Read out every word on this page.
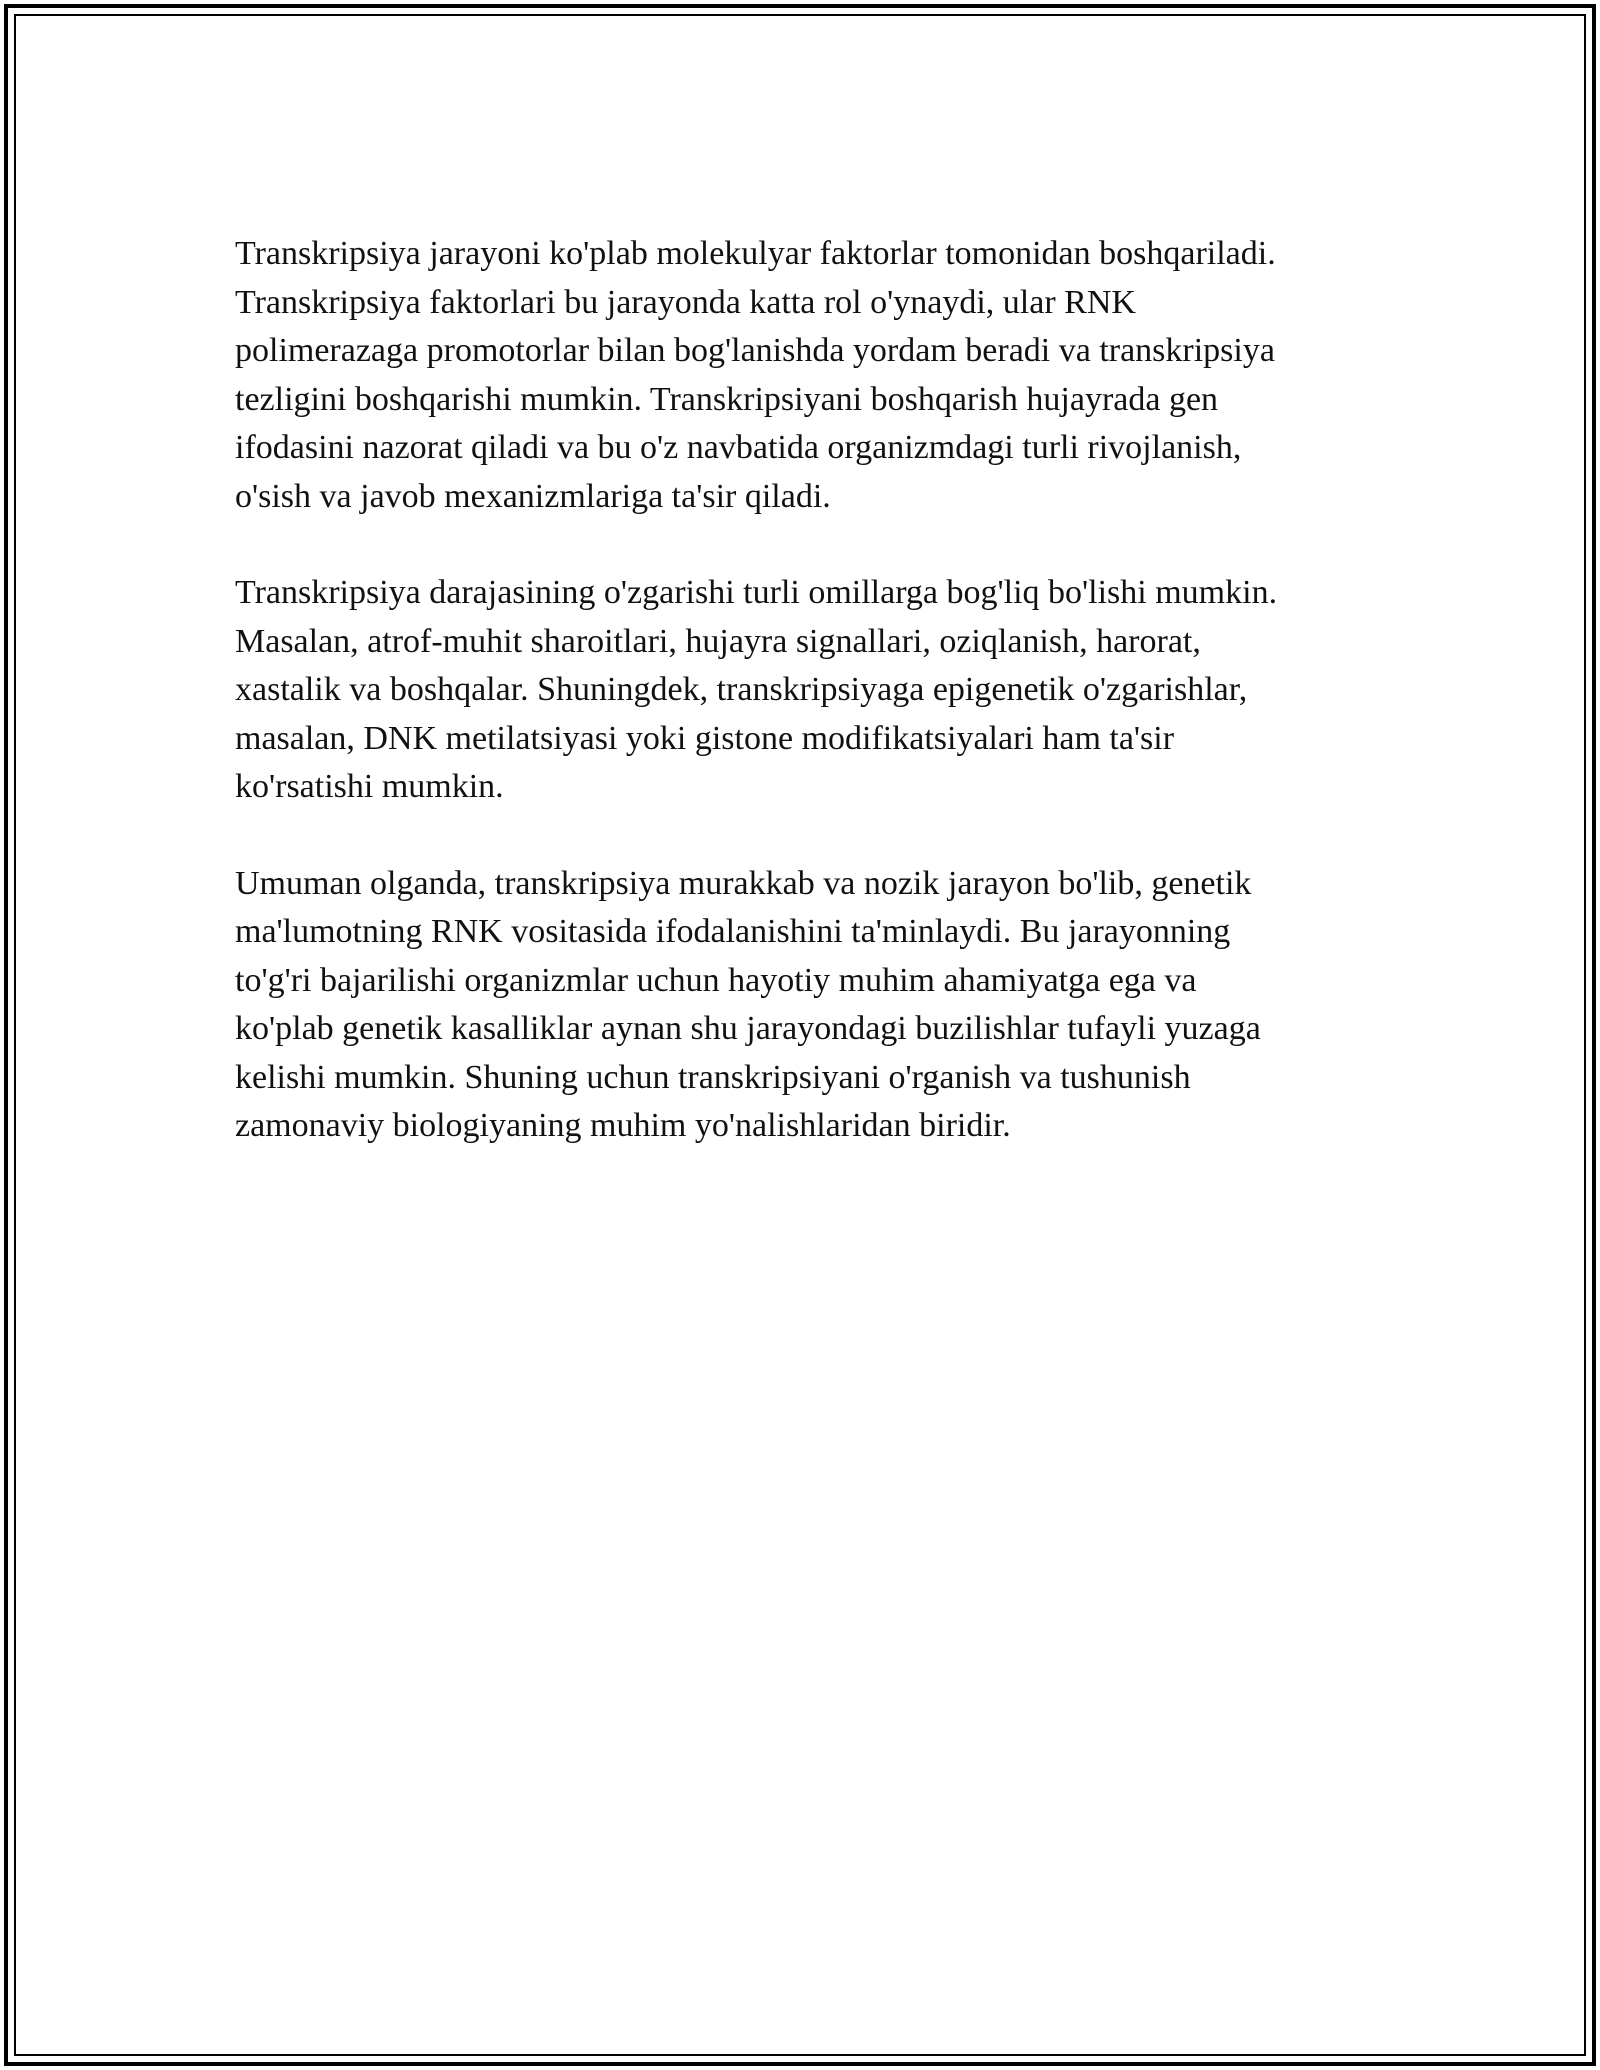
Transkripsiya jarayoni ko'plab molekulyar faktorlar tomonidan boshqariladi.
Transkripsiya faktorlari bu jarayonda katta rol o'ynaydi, ular RNK
polimerazaga promotorlar bilan bog'lanishda yordam beradi va transkripsiya
tezligini boshqarishi mumkin. Transkripsiyani boshqarish hujayrada gen
ifodasini nazorat qiladi va bu o'z navbatida organizmdagi turli rivojlanish,
o'sish va javob mexanizmlariga ta'sir qiladi.

Transkripsiya darajasining o'zgarishi turli omillarga bog'liq bo'lishi mumkin.
Masalan, atrof-muhit sharoitlari, hujayra signallari, oziqlanish, harorat,
xastalik va boshqalar. Shuningdek, transkripsiyaga epigenetik o'zgarishlar,
masalan, DNK metilatsiyasi yoki gistone modifikatsiyalari ham ta'sir
ko'rsatishi mumkin.

Umuman olganda, transkripsiya murakkab va nozik jarayon bo'lib, genetik
ma'lumotning RNK vositasida ifodalanishini ta'minlaydi. Bu jarayonning
to'g'ri bajarilishi organizmlar uchun hayotiy muhim ahamiyatga ega va
ko'plab genetik kasalliklar aynan shu jarayondagi buzilishlar tufayli yuzaga
kelishi mumkin. Shuning uchun transkripsiyani o'rganish va tushunish
zamonaviy biologiyaning muhim yo'nalishlaridan biridir.
